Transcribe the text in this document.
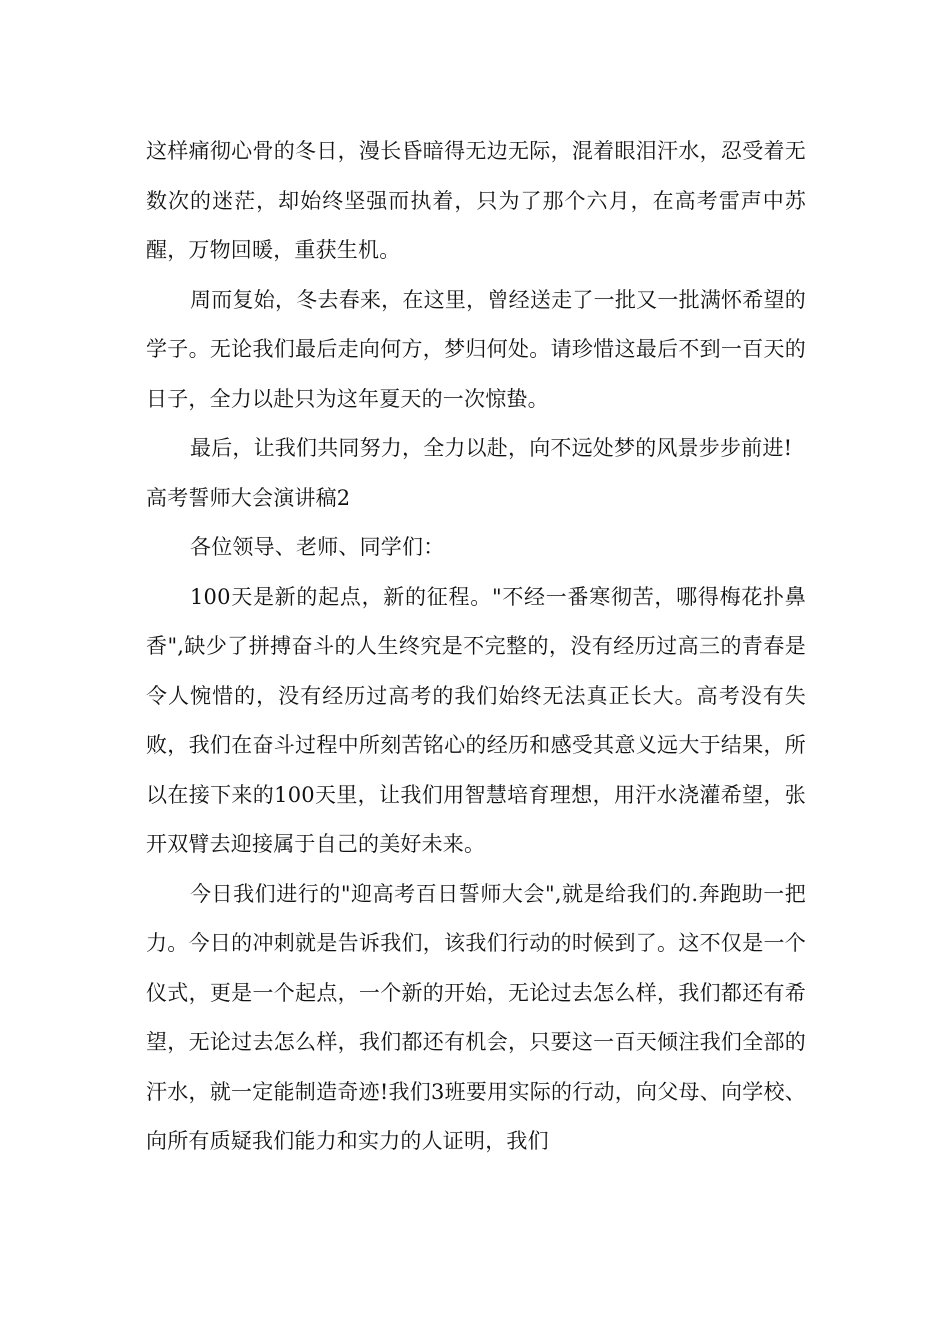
这样痛彻心骨的冬日，漫长昏暗得无边无际，混着眼泪汗水，忍受着无数次的迷茫，却始终坚强而执着，只为了那个六月，在高考雷声中苏醒，万物回暖，重获生机。

周而复始，冬去春来，在这里，曾经送走了一批又一批满怀希望的学子。无论我们最后走向何方，梦归何处。请珍惜这最后不到一百天的日子，全力以赴只为这年夏天的一次惊蛰。

最后，让我们共同努力，全力以赴，向不远处梦的风景步步前进!

高考誓师大会演讲稿2

各位领导、老师、同学们：

100天是新的起点，新的征程。"不经一番寒彻苦，哪得梅花扑鼻香",缺少了拼搏奋斗的人生终究是不完整的，没有经历过高三的青春是令人惋惜的，没有经历过高考的我们始终无法真正长大。高考没有失败，我们在奋斗过程中所刻苦铭心的经历和感受其意义远大于结果，所以在接下来的100天里，让我们用智慧培育理想，用汗水浇灌希望，张开双臂去迎接属于自己的美好未来。

今日我们进行的"迎高考百日誓师大会",就是给我们的.奔跑助一把力。今日的冲刺就是告诉我们，该我们行动的时候到了。这不仅是一个仪式，更是一个起点，一个新的开始，无论过去怎么样，我们都还有希望，无论过去怎么样，我们都还有机会，只要这一百天倾注我们全部的汗水，就一定能制造奇迹!我们3班要用实际的行动，向父母、向学校、向所有质疑我们能力和实力的人证明，我们
